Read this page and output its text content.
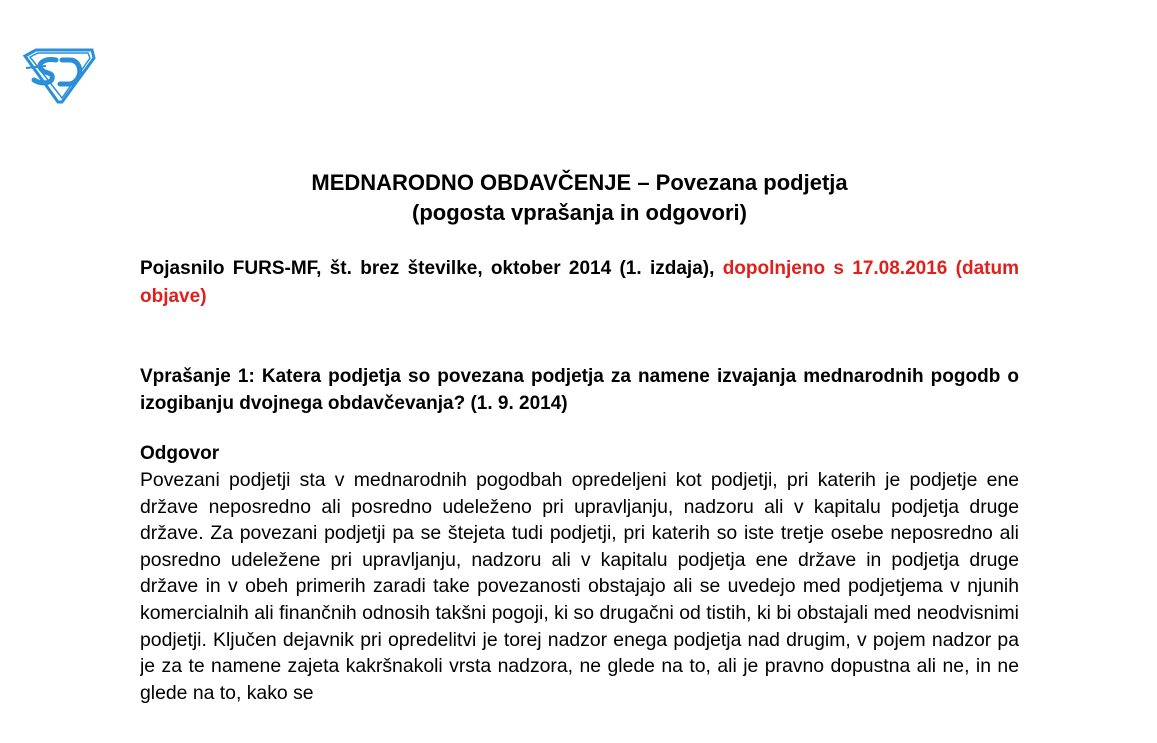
MEDNARODNO OBDAVČENJE – Povezana podjetja
(pogosta vprašanja in odgovori)

Pojasnilo FURS-MF, št. brez številke, oktober 2014 (1. izdaja), dopolnjeno s 17.08.2016 (datum objave)

Vprašanje 1: Katera podjetja so povezana podjetja za namene izvajanja mednarodnih pogodb o izogibanju dvojnega obdavčevanja? (1. 9. 2014)

Odgovor

Povezani podjetji sta v mednarodnih pogodbah opredeljeni kot podjetji, pri katerih je podjetje ene države neposredno ali posredno udeleženo pri upravljanju, nadzoru ali v kapitalu podjetja druge države. Za povezani podjetji pa se štejeta tudi podjetji, pri katerih so iste tretje osebe neposredno ali posredno udeležene pri upravljanju, nadzoru ali v kapitalu podjetja ene države in podjetja druge države in v obeh primerih zaradi take povezanosti obstajajo ali se uvedejo med podjetjema v njunih komercialnih ali finančnih odnosih takšni pogoji, ki so drugačni od tistih, ki bi obstajali med neodvisnimi podjetji. Ključen dejavnik pri opredelitvi je torej nadzor enega podjetja nad drugim, v pojem nadzor pa je za te namene zajeta kakršnakoli vrsta nadzora, ne glede na to, ali je pravno dopustna ali ne, in ne glede na to, kako se
